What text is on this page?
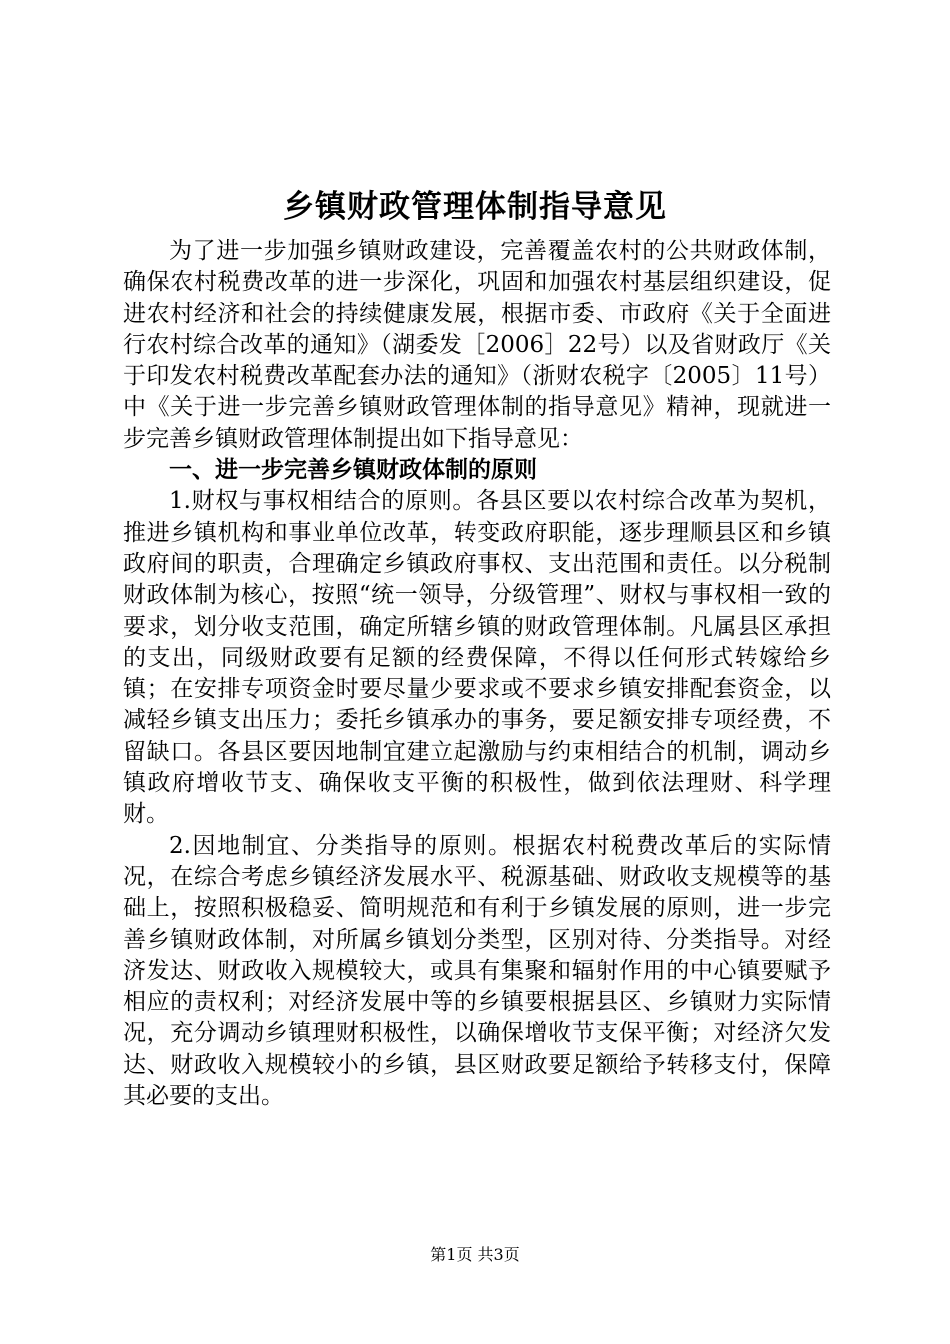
乡镇财政管理体制指导意见

为了进一步加强乡镇财政建设，完善覆盖农村的公共财政体制，确保农村税费改革的进一步深化，巩固和加强农村基层组织建设，促进农村经济和社会的持续健康发展，根据市委、市政府《关于全面进行农村综合改革的通知》（湖委发［2006］22号）以及省财政厅《关于印发农村税费改革配套办法的通知》（浙财农税字〔2005〕11号）中《关于进一步完善乡镇财政管理体制的指导意见》精神，现就进一步完善乡镇财政管理体制提出如下指导意见：

一、进一步完善乡镇财政体制的原则

1.财权与事权相结合的原则。各县区要以农村综合改革为契机，推进乡镇机构和事业单位改革，转变政府职能，逐步理顺县区和乡镇政府间的职责，合理确定乡镇政府事权、支出范围和责任。以分税制财政体制为核心，按照“统一领导，分级管理”、财权与事权相一致的要求，划分收支范围，确定所辖乡镇的财政管理体制。凡属县区承担的支出，同级财政要有足额的经费保障，不得以任何形式转嫁给乡镇；在安排专项资金时要尽量少要求或不要求乡镇安排配套资金，以减轻乡镇支出压力；委托乡镇承办的事务，要足额安排专项经费，不留缺口。各县区要因地制宜建立起激励与约束相结合的机制，调动乡镇政府增收节支、确保收支平衡的积极性，做到依法理财、科学理财。

2.因地制宜、分类指导的原则。根据农村税费改革后的实际情况，在综合考虑乡镇经济发展水平、税源基础、财政收支规模等的基础上，按照积极稳妥、简明规范和有利于乡镇发展的原则，进一步完善乡镇财政体制，对所属乡镇划分类型，区别对待、分类指导。对经济发达、财政收入规模较大，或具有集聚和辐射作用的中心镇要赋予相应的责权利；对经济发展中等的乡镇要根据县区、乡镇财力实际情况，充分调动乡镇理财积极性，以确保增收节支保平衡；对经济欠发达、财政收入规模较小的乡镇，县区财政要足额给予转移支付，保障其必要的支出。

第1页 共3页
